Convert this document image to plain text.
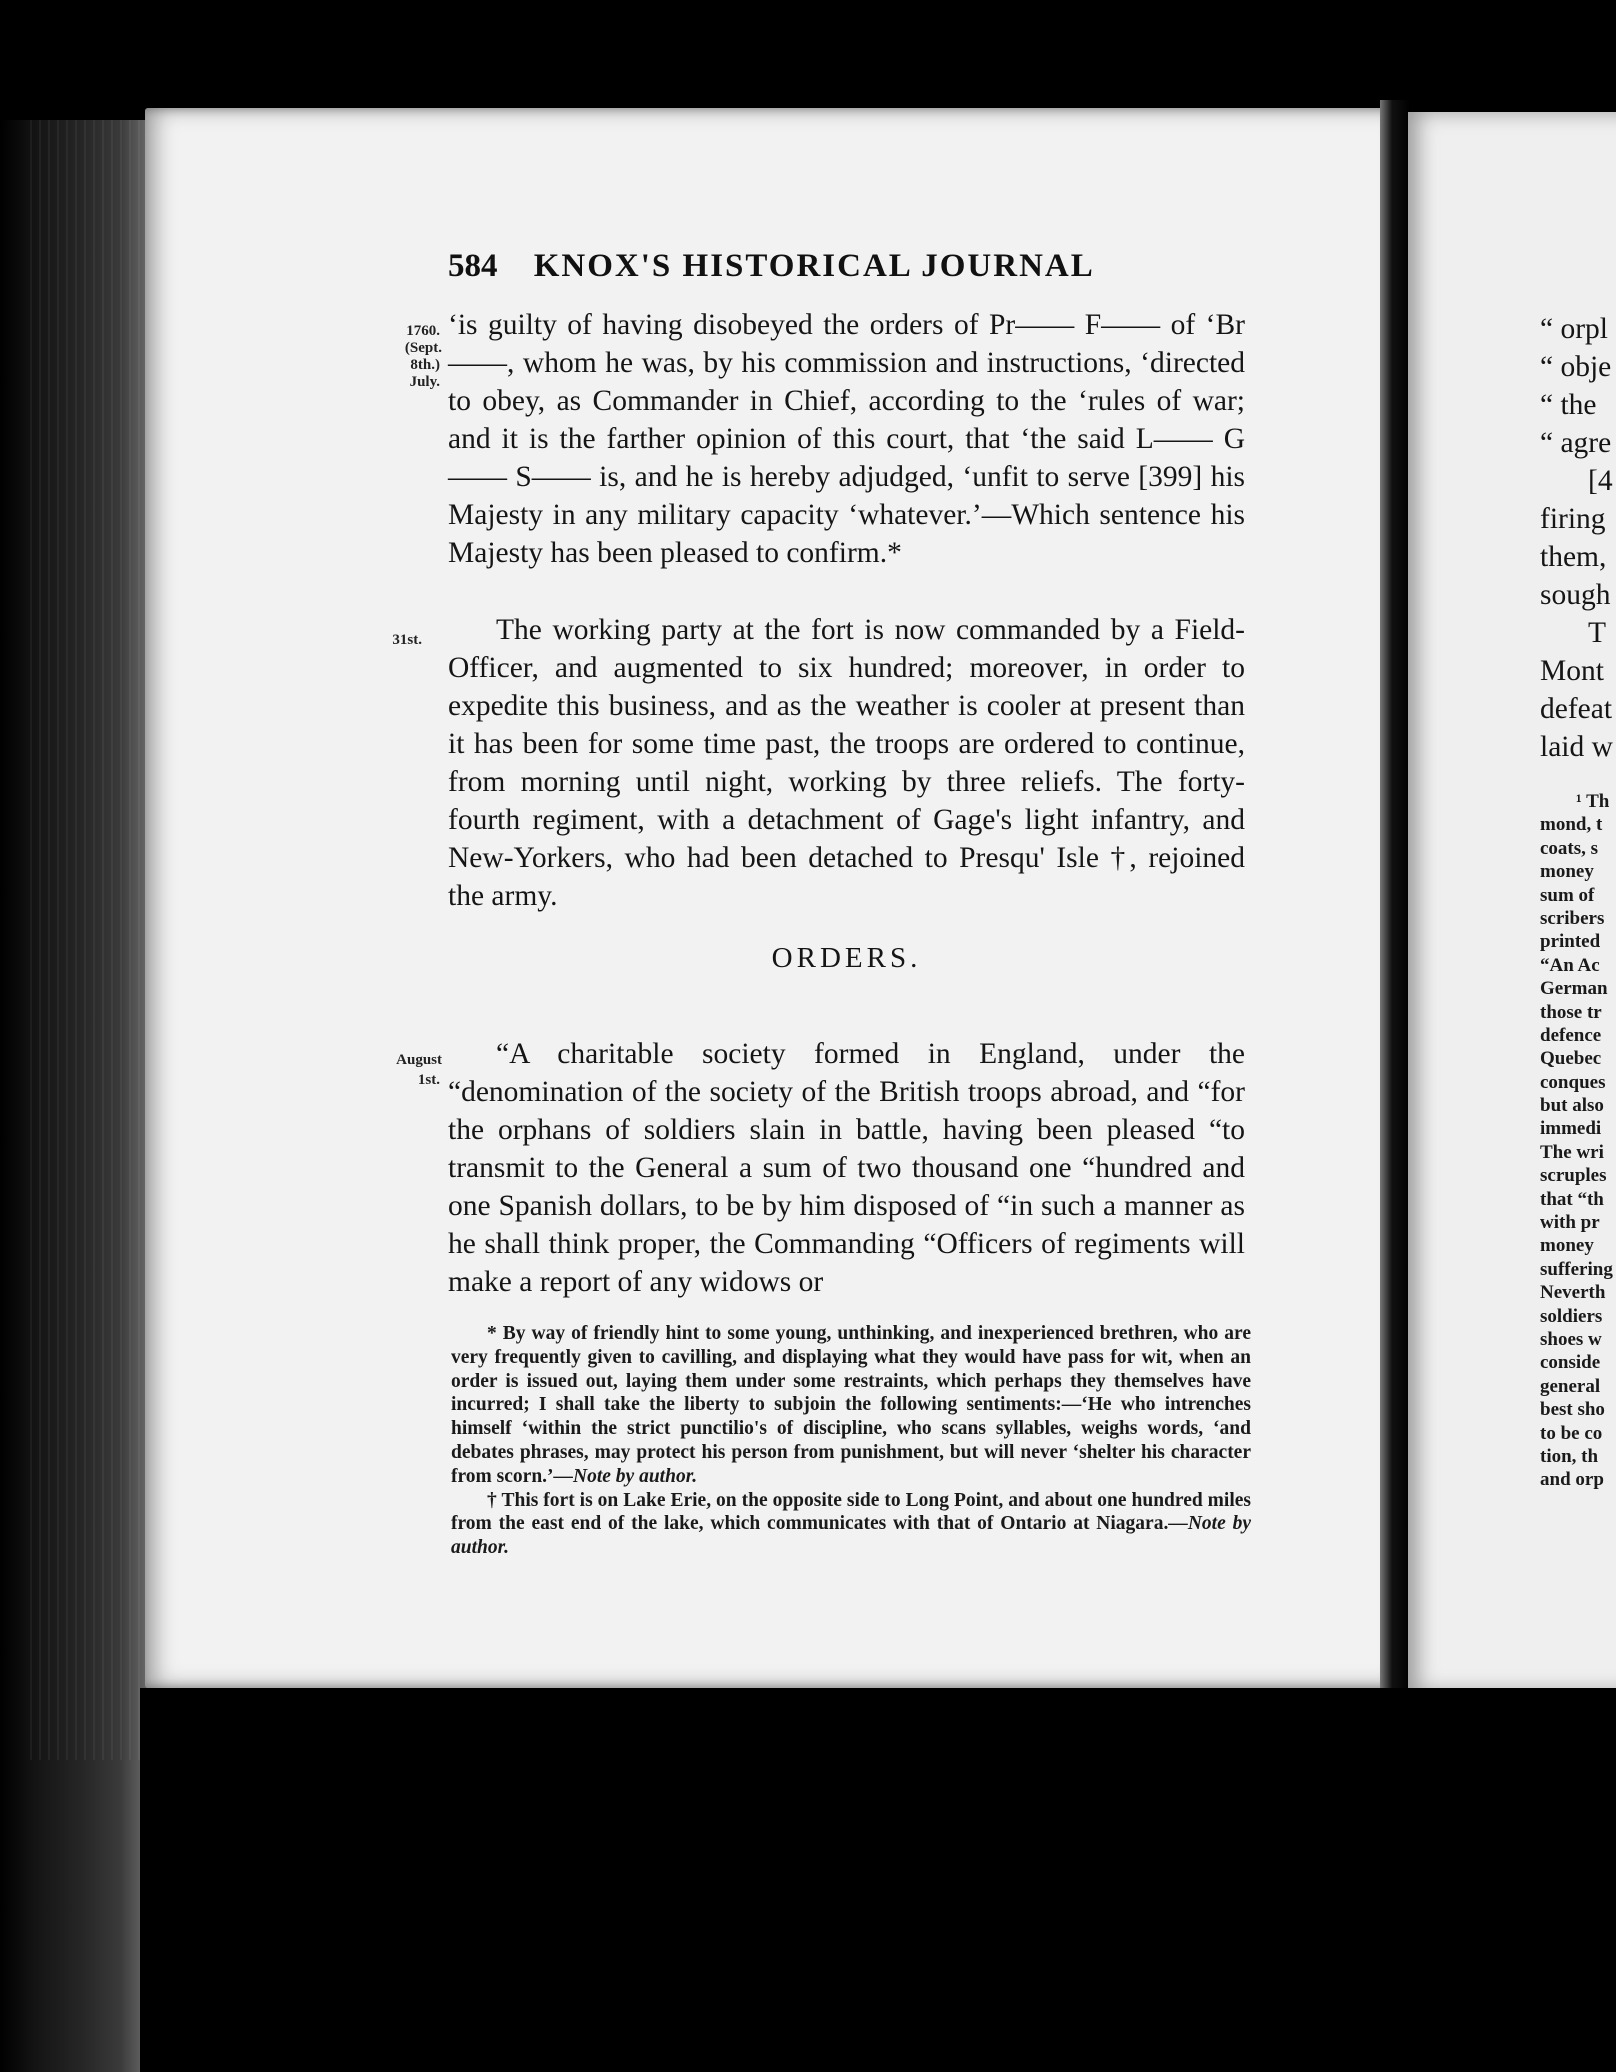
584 KNOX'S HISTORICAL JOURNAL
1760.
(Sept.
8th.)
July.
31st.
August
1st.

‘is guilty of having disobeyed the orders of Pr—— F—— of ‘Br——, whom he was, by his commission and instructions, ‘directed to obey, as Commander in Chief, according to the ‘rules of war; and it is the farther opinion of this court, that ‘the said L—— G—— S—— is, and he is hereby adjudged, ‘unfit to serve [399] his Majesty in any military capacity ‘whatever.’—Which sentence his Majesty has been pleased to confirm.*

The working party at the fort is now commanded by a Field-Officer, and augmented to six hundred; moreover, in order to expedite this business, and as the weather is cooler at present than it has been for some time past, the troops are ordered to continue, from morning until night, working by three reliefs. The forty-fourth regiment, with a detachment of Gage's light infantry, and New-Yorkers, who had been detached to Presqu' Isle †, rejoined the army.

ORDERS.

“A charitable society formed in England, under the “denomination of the society of the British troops abroad, and “for the orphans of soldiers slain in battle, having been pleased “to transmit to the General a sum of two thousand one “hundred and one Spanish dollars, to be by him disposed of “in such a manner as he shall think proper, the Commanding “Officers of regiments will make a report of any widows or

* By way of friendly hint to some young, unthinking, and inexperienced brethren, who are very frequently given to cavilling, and displaying what they would have pass for wit, when an order is issued out, laying them under some restraints, which perhaps they themselves have incurred; I shall take the liberty to subjoin the following sentiments:—‘He who intrenches himself ‘within the strict punctilio's of discipline, who scans syllables, weighs words, ‘and debates phrases, may protect his person from punishment, but will never ‘shelter his character from scorn.’—Note by author.

† This fort is on Lake Erie, on the opposite side to Long Point, and about one hundred miles from the east end of the lake, which communicates with that of Ontario at Niagara.—Note by author.

“ orpl
“ obje
“ the
“ agre
[4
firing
them,
sough
T
Mont
defeat
laid w
¹ Th
mond, t
coats, s
money
sum of
scribers
printed
“An Ac
German
those tr
defence
Quebec
conques
but also
immedi
The wri
scruples
that “th
with pr
money
suffering
Neverth
soldiers
shoes w
conside
general
best sho
to be co
tion, th
and orp
